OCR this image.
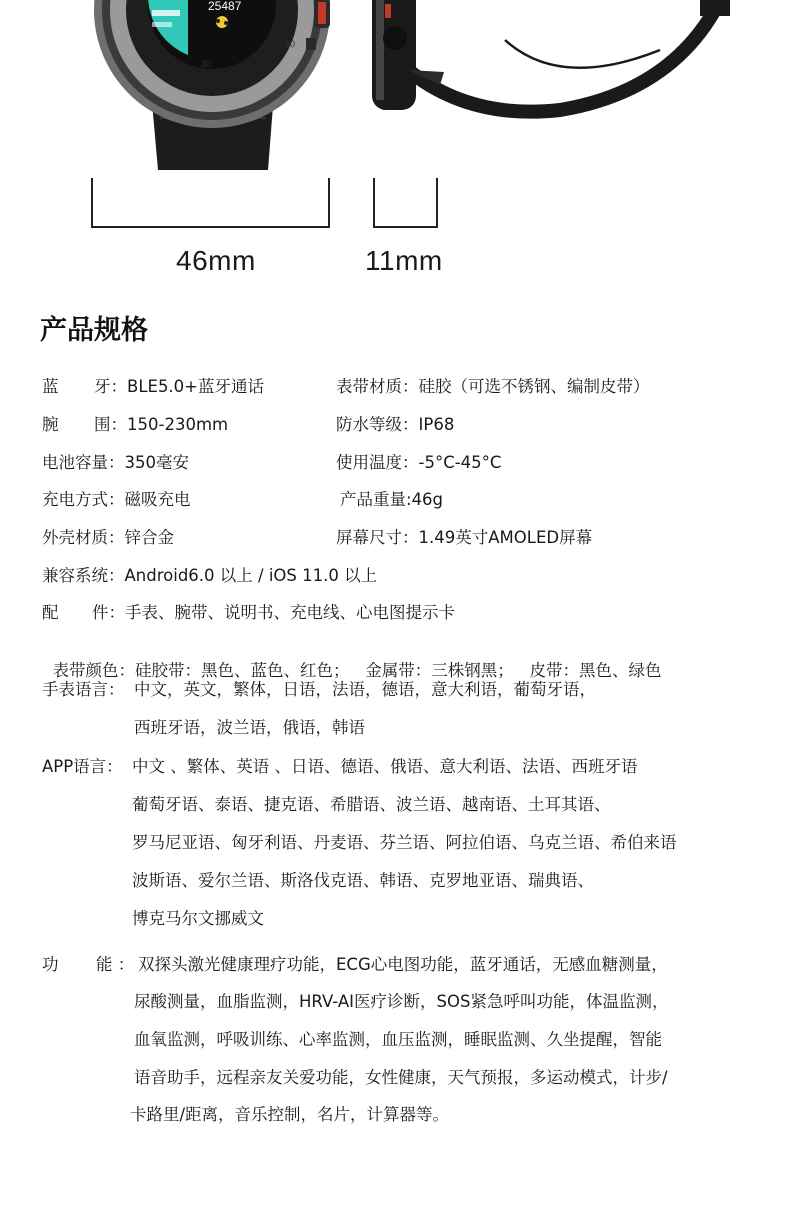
25487
30
50
46mm	11mm
产品规格
蓝 牙：BLE5.0+蓝牙通话	表带材质：硅胶（可选不锈钢、编制皮带）
腕 围：150-230mm	防水等级：IP68
电池容量：350毫安	使用温度：-5°C-45°C
充电方式：磁吸充电	产品重量:46g
外壳材质：锌合金	屏幕尺寸：1.49英寸AMOLED屏幕
兼容系统：Android6.0 以上 / iOS 11.0 以上
配 件：手表、腕带、说明书、充电线、心电图提示卡

表带颜色：硅胶带：黑色、蓝色、红色；   金属带：三株钢黑；   皮带：黑色、绿色

手表语言： 中文，英文，繁体，日语，法语，德语，意大利语，葡萄牙语，
西班牙语，波兰语，俄语，韩语
APP语言： 中文 、繁体、英语 、日语、德语、俄语、意大利语、法语、西班牙语
葡萄牙语、泰语、捷克语、希腊语、波兰语、越南语、土耳其语、
罗马尼亚语、匈牙利语、丹麦语、芬兰语、阿拉伯语、乌克兰语、希伯来语
波斯语、爱尔兰语、斯洛伐克语、韩语、克罗地亚语、瑞典语、
博克马尔文挪威文
功 能 ： 双探头激光健康理疗功能，ECG心电图功能，蓝牙通话，无感血糖测量，
尿酸测量，血脂监测，HRV-AI医疗诊断，SOS紧急呼叫功能，体温监测，
血氧监测，呼吸训练、心率监测，血压监测，睡眠监测、久坐提醒，智能
语音助手，远程亲友关爱功能，女性健康，天气预报，多运动模式，计步/
卡路里/距离，音乐控制，名片，计算器等。
